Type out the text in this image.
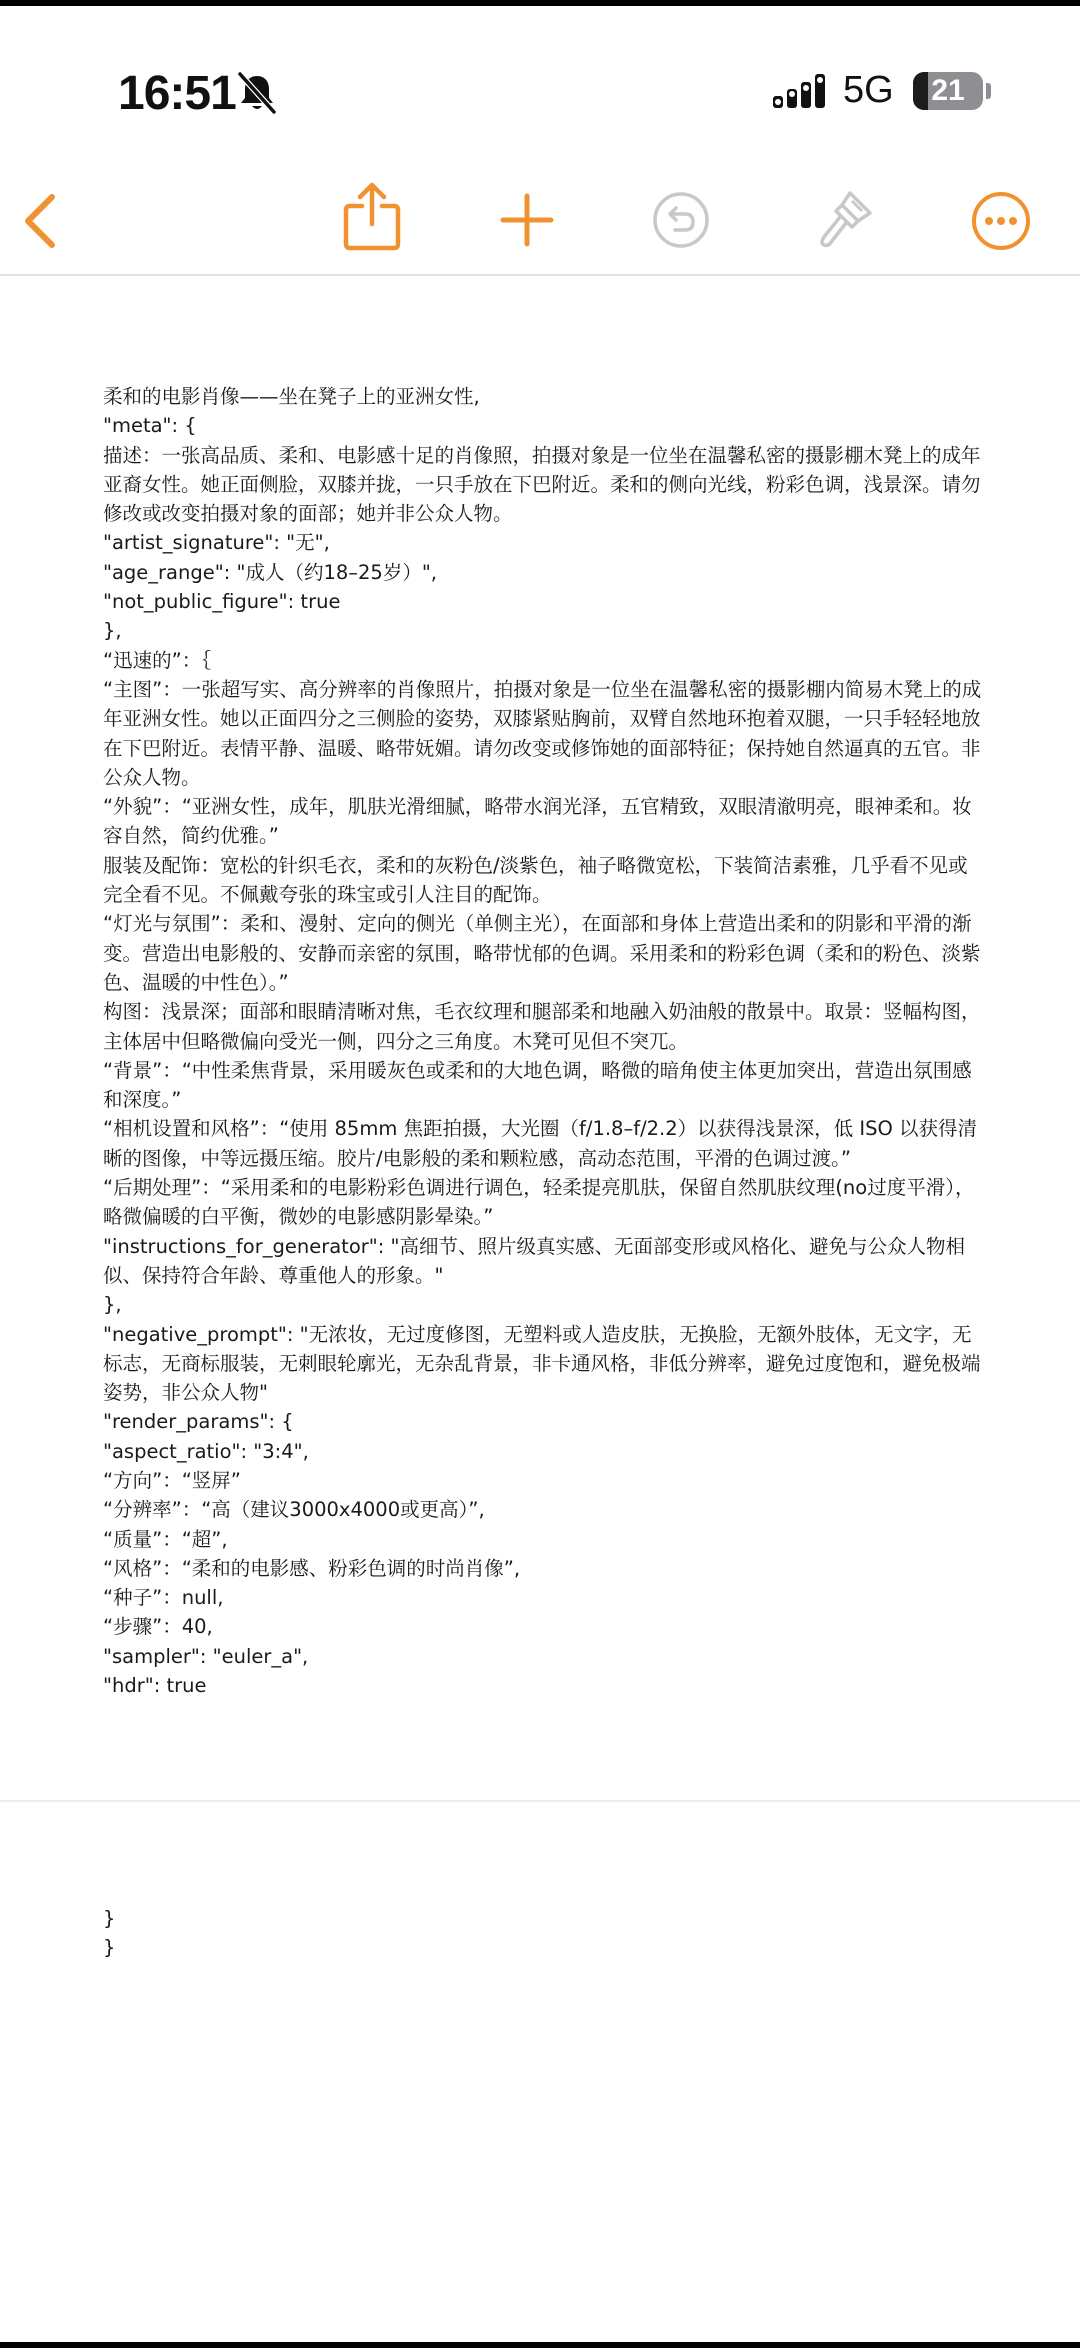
16:51	5G	21

柔和的电影肖像——坐在凳子上的亚洲女性,

"meta": {

描述：一张高品质、柔和、电影感十足的肖像照，拍摄对象是一位坐在温馨私密的摄影棚木凳上的成年亚裔女性。她正面侧脸，双膝并拢，一只手放在下巴附近。柔和的侧向光线，粉彩色调，浅景深。请勿修改或改变拍摄对象的面部；她并非公众人物。

"artist_signature": "无",

"age_range": "成人（约18–25岁）",

"not_public_figure": true

},

“迅速的”：｛

“主图”：一张超写实、高分辨率的肖像照片，拍摄对象是一位坐在温馨私密的摄影棚内简易木凳上的成年亚洲女性。她以正面四分之三侧脸的姿势，双膝紧贴胸前，双臂自然地环抱着双腿，一只手轻轻地放在下巴附近。表情平静、温暖、略带妩媚。请勿改变或修饰她的面部特征；保持她自然逼真的五官。非公众人物。

“外貌”：“亚洲女性，成年，肌肤光滑细腻，略带水润光泽，五官精致，双眼清澈明亮，眼神柔和。妆容自然，简约优雅。”

服装及配饰：宽松的针织毛衣，柔和的灰粉色/淡紫色，袖子略微宽松，下装简洁素雅，几乎看不见或完全看不见。不佩戴夸张的珠宝或引人注目的配饰。

“灯光与氛围”：柔和、漫射、定向的侧光（单侧主光），在面部和身体上营造出柔和的阴影和平滑的渐变。营造出电影般的、安静而亲密的氛围，略带忧郁的色调。采用柔和的粉彩色调（柔和的粉色、淡紫色、温暖的中性色）。”

构图：浅景深；面部和眼睛清晰对焦，毛衣纹理和腿部柔和地融入奶油般的散景中。取景：竖幅构图，主体居中但略微偏向受光一侧，四分之三角度。木凳可见但不突兀。

“背景”：“中性柔焦背景，采用暖灰色或柔和的大地色调，略微的暗角使主体更加突出，营造出氛围感和深度。”

“相机设置和风格”：“使用 85mm 焦距拍摄，大光圈（f/1.8–f/2.2）以获得浅景深，低 ISO 以获得清晰的图像，中等远摄压缩。胶片/电影般的柔和颗粒感，高动态范围，平滑的色调过渡。”

“后期处理”：“采用柔和的电影粉彩色调进行调色，轻柔提亮肌肤，保留自然肌肤纹理(no过度平滑），略微偏暖的白平衡，微妙的电影感阴影晕染。”

"instructions_for_generator": "高细节、照片级真实感、无面部变形或风格化、避免与公众人物相似、保持符合年龄、尊重他人的形象。"

},

"negative_prompt": "无浓妆，无过度修图，无塑料或人造皮肤，无换脸，无额外肢体，无文字，无标志，无商标服装，无刺眼轮廓光，无杂乱背景，非卡通风格，非低分辨率，避免过度饱和，避免极端姿势，非公众人物"

"render_params": {

"aspect_ratio": "3:4",

“方向”：“竖屏”

“分辨率”：“高（建议3000x4000或更高）”,

“质量”：“超”,

“风格”：“柔和的电影感、粉彩色调的时尚肖像”,

“种子”：null,

“步骤”：40,

"sampler": "euler_a",

"hdr": true

}

}
